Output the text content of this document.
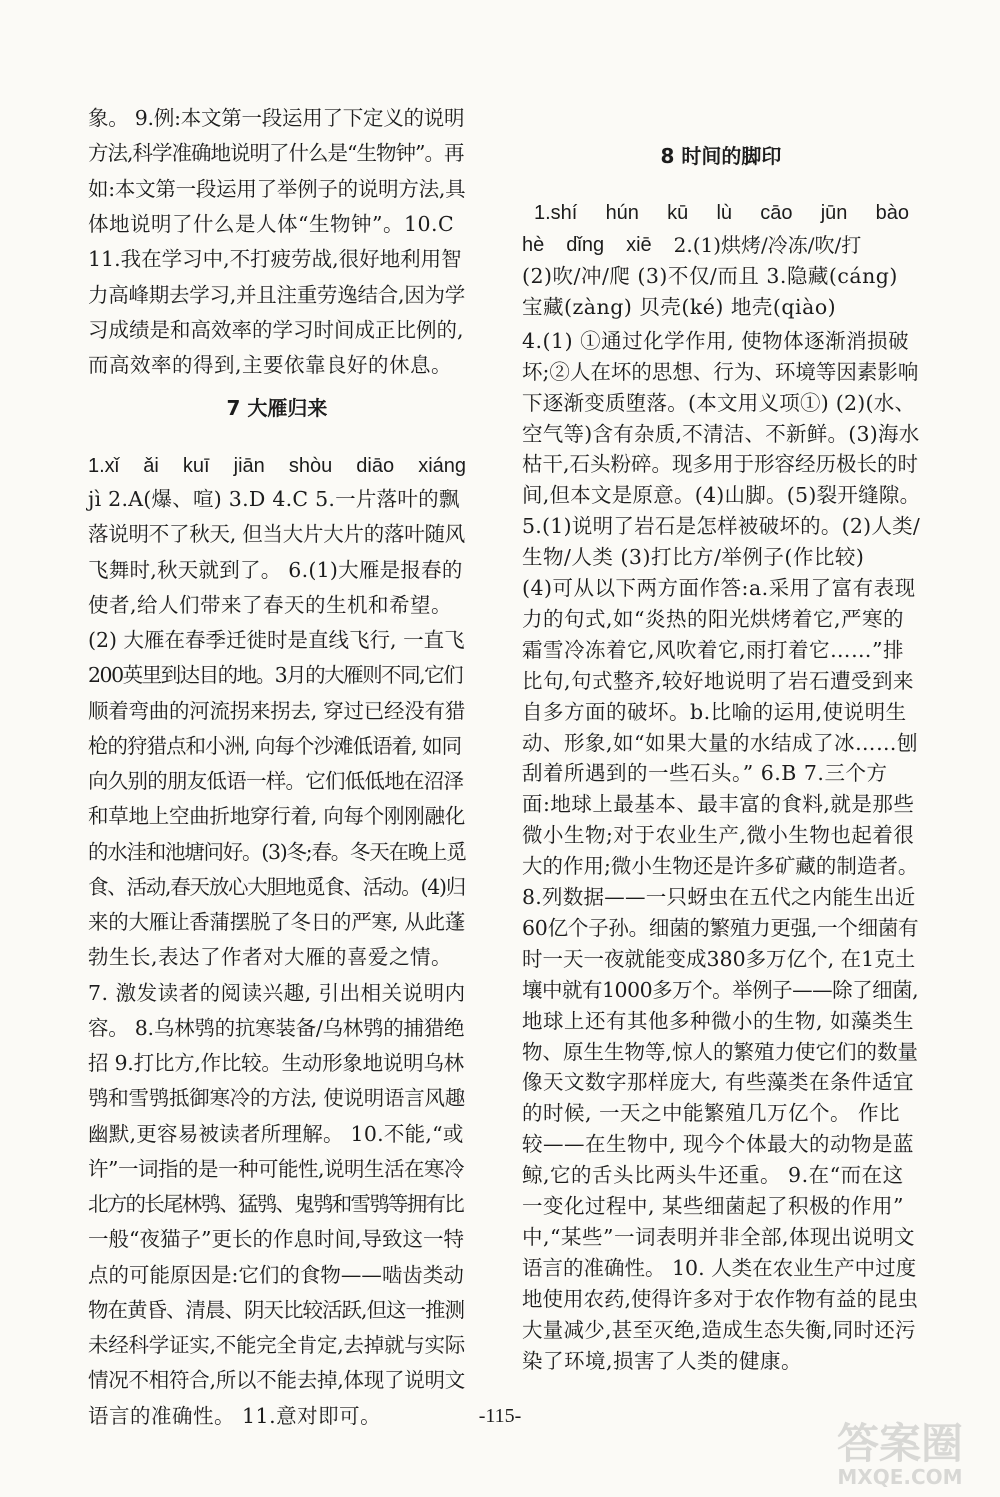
象。 9.例:本文第一段运用了下定义的说明
方法,科学准确地说明了什么是“生物钟”。再
如:本文第一段运用了举例子的说明方法,具
体地说明了什么是人体“生物钟”。10.C
11.我在学习中,不打疲劳战,很好地利用智
力高峰期去学习,并且注重劳逸结合,因为学
习成绩是和高效率的学习时间成正比例的,
而高效率的得到,主要依靠良好的休息。
7 大雁归来
1.xǐ ǎi kuī jiān shòu diāo xiáng
jì 2.A(爆、喧) 3.D 4.C 5.一片落叶的飘
落说明不了秋天, 但当大片大片的落叶随风
飞舞时,秋天就到了。 6.(1)大雁是报春的
使者,给人们带来了春天的生机和希望。
(2) 大雁在春季迁徙时是直线飞行, 一直飞
200英里到达目的地。3月的大雁则不同,它们
顺着弯曲的河流拐来拐去, 穿过已经没有猎
枪的狩猎点和小洲, 向每个沙滩低语着, 如同
向久别的朋友低语一样。它们低低地在沼泽
和草地上空曲折地穿行着, 向每个刚刚融化
的水洼和池塘问好。(3)冬;春。冬天在晚上觅
食、活动,春天放心大胆地觅食、活动。(4)归
来的大雁让香蒲摆脱了冬日的严寒, 从此蓬
勃生长,表达了作者对大雁的喜爱之情。
7. 激发读者的阅读兴趣, 引出相关说明内
容。 8.乌林鸮的抗寒装备/乌林鸮的捕猎绝
招 9.打比方,作比较。生动形象地说明乌林
鸮和雪鸮抵御寒冷的方法, 使说明语言风趣
幽默,更容易被读者所理解。 10.不能,“或
许”一词指的是一种可能性,说明生活在寒冷
北方的长尾林鸮、猛鸮、鬼鸮和雪鸮等拥有比
一般“夜猫子”更长的作息时间,导致这一特
点的可能原因是:它们的食物——啮齿类动
物在黄昏、清晨、阴天比较活跃,但这一推测
未经科学证实,不能完全肯定,去掉就与实际
情况不相符合,所以不能去掉,体现了说明文
语言的准确性。 11.意对即可。
8 时间的脚印
1.shí hún kū lù cāo jūn bào
hè dǐng xiē 2.(1)烘烤/冷冻/吹/打
(2)吹/冲/爬 (3)不仅/而且 3.隐藏(cáng)
宝藏(zàng) 贝壳(ké) 地壳(qiào)
4.(1) ①通过化学作用, 使物体逐渐消损破
坏;②人在坏的思想、行为、环境等因素影响
下逐渐变质堕落。(本文用义项①) (2)(水、
空气等)含有杂质,不清洁、不新鲜。(3)海水
枯干,石头粉碎。现多用于形容经历极长的时
间,但本文是原意。(4)山脚。(5)裂开缝隙。
5.(1)说明了岩石是怎样被破坏的。(2)人类/
生物/人类 (3)打比方/举例子(作比较)
(4)可从以下两方面作答:a.采用了富有表现
力的句式,如“炎热的阳光烘烤着它,严寒的
霜雪冷冻着它,风吹着它,雨打着它……”排
比句,句式整齐,较好地说明了岩石遭受到来
自多方面的破坏。b.比喻的运用,使说明生
动、形象,如“如果大量的水结成了冰……刨
刮着所遇到的一些石头。” 6.B 7.三个方
面:地球上最基本、最丰富的食料,就是那些
微小生物;对于农业生产,微小生物也起着很
大的作用;微小生物还是许多矿藏的制造者。
8.列数据——一只蚜虫在五代之内能生出近
60亿个子孙。细菌的繁殖力更强,一个细菌有
时一天一夜就能变成380多万亿个, 在1克土
壤中就有1000多万个。举例子——除了细菌,
地球上还有其他多种微小的生物, 如藻类生
物、原生生物等,惊人的繁殖力使它们的数量
像天文数字那样庞大, 有些藻类在条件适宜
的时候, 一天之中能繁殖几万亿个。 作比
较——在生物中, 现今个体最大的动物是蓝
鲸,它的舌头比两头牛还重。 9.在“而在这
一变化过程中, 某些细菌起了积极的作用”
中,“某些”一词表明并非全部,体现出说明文
语言的准确性。 10. 人类在农业生产中过度
地使用农药,使得许多对于农作物有益的昆虫
大量减少,甚至灭绝,造成生态失衡,同时还污
染了环境,损害了人类的健康。
-115-
答案圈
MXQE.COM
